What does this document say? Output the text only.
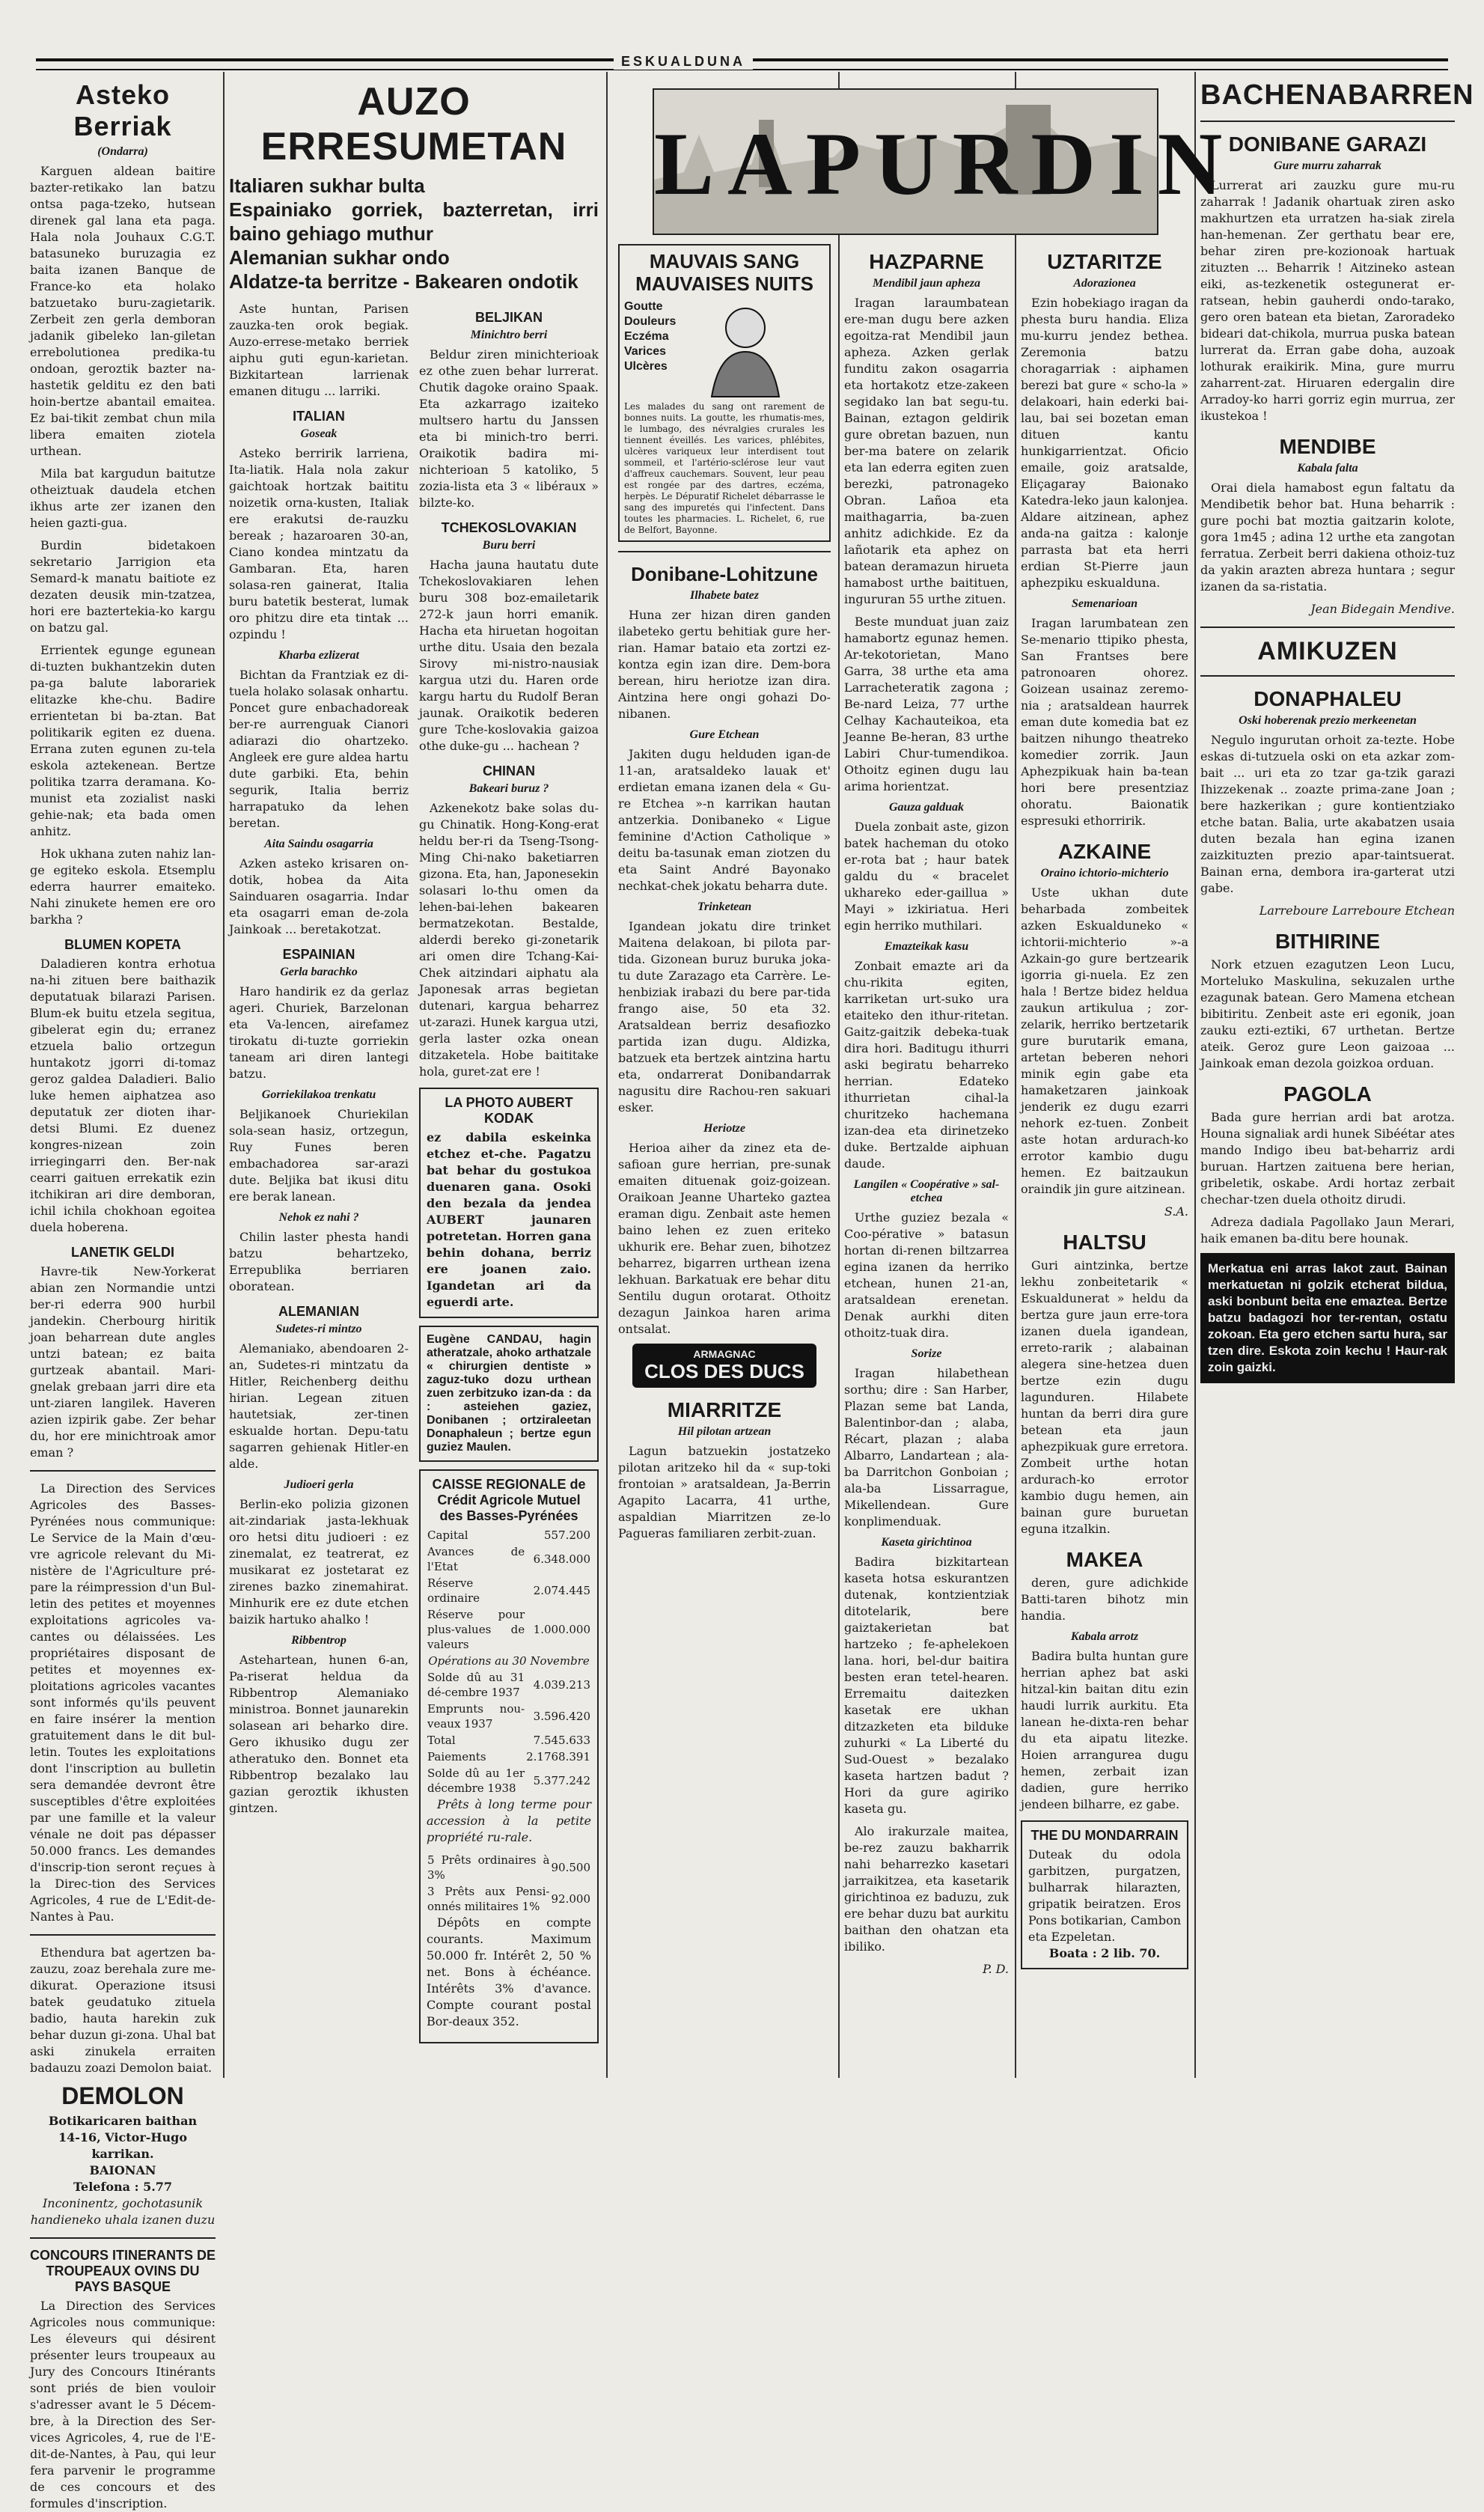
ESKUALDUNA
Asteko Berriak
(Ondarra)

Karguen aldean baitire bazter-retikako lan batzu ontsa paga-tzeko, hutsean direnek gal lana eta paga. Hala nola Jouhaux C.G.T. batasuneko buruzagia ez baita izanen Banque de France-ko eta holako batzuetako buru-zagietarik. Zerbeit zen gerla demboran jadanik gibeleko lan-giletan errebolutionea predika-tu ondoan, geroztik bazter na-hastetik gelditu ez den bati hoin-bertze abantail emaitea. Ez bai-tikit zembat chun mila libera emaiten ziotela urthean.

Mila bat kargudun baitutze otheiztuak daudela etchen ikhus arte zer izanen den heien gazti-gua.

Burdin bidetakoen sekretario Jarrigion eta Semard-k manatu baitiote ez dezaten deusik min-tzatzea, hori ere baztertekia-ko kargu on batzu gal.

Errientek egunge egunean di-tuzten bukhantzekin duten pa-ga balute laborariek elitazke khe-chu. Badire errientetan bi ba-ztan. Bat politikarik egiten ez duena. Errana zuten egunen zu-tela eskola aztekenean. Bertze politika tzarra deramana. Ko-munist eta zozialist naski gehie-nak; eta bada omen anhitz.

Hok ukhana zuten nahiz lan-ge egiteko eskola. Etsemplu ederra haurrer emaiteko. Nahi zinukete hemen ere oro barkha ?

BLUMEN KOPETA

Daladieren kontra erhotua na-hi zituen bere baithazik deputatuak bilarazi Parisen. Blum-ek buitu etzela segitua, gibelerat egin du; erranez etzuela balio ortzegun huntakotz jgorri di-tomaz geroz galdea Daladieri. Balio luke hemen aiphatzea aso deputatuk zer dioten ihar-detsi Blumi. Ez duenez kongres-nizean zoin irriegingarri den. Ber-nak cearri gaituen errekatik ezin itchikiran ari dire demboran, ichil ichila chokhoan egoitea duela hoberena.

LANETIK GELDI

Havre-tik New-Yorkerat abian zen Normandie untzi ber-ri ederra 900 hurbil jandekin. Cherbourg hiritik joan beharrean dute angles untzi batean; ez baita gurtzeak abantail. Mari-gnelak grebaan jarri dire eta unt-ziaren langilek. Haveren azien izpirik gabe. Zer behar du, hor ere minichtroak amor eman ?

La Direction des Services Agricoles des Basses-Pyrénées nous communique: Le Service de la Main d'œu-vre agricole relevant du Mi-nistère de l'Agriculture pré-pare la réimpression d'un Bul-letin des petites et moyennes exploitations agricoles va-cantes ou délaissées. Les propriétaires disposant de petites et moyennes ex-ploitations agricoles vacantes sont informés qu'ils peuvent en faire insérer la mention gratuitement dans le dit bul-letin. Toutes les exploitations dont l'inscription au bulletin sera demandée devront être susceptibles d'être exploitées par une famille et la valeur vénale ne doit pas dépasser 50.000 francs. Les demandes d'inscrip-tion seront reçues à la Direc-tion des Services Agricoles, 4 rue de L'Edit-de-Nantes à Pau.

Ethendura bat agertzen ba-zauzu, zoaz berehala zure me-dikurat. Operazione itsusi batek geudatuko zituela badio, hauta harekin zuk behar duzun gi-zona. Uhal bat aski zinukela erraiten badauzu zoazi Demolon baiat.

DEMOLON
Botikaricaren baithan
14-16, Victor-Hugo karrikan.
BAIONAN
Telefona : 5.77
Inconinentz, gochotasunik handieneko uhala izanen duzu
CONCOURS ITINERANTS DE TROUPEAUX OVINS DU PAYS BASQUE

La Direction des Services Agricoles nous communique: Les éleveurs qui désirent présenter leurs troupeaux au Jury des Concours Itinérants sont priés de bien vouloir s'adresser avant le 5 Décem-bre, à la Direction des Ser-vices Agricoles, 4, rue de l'E-dit-de-Nantes, à Pau, qui leur fera parvenir le programme de ces concours et des formules d'inscription.

AUZO ERRESUMETAN
Italiaren sukhar bulta
Espainiako gorriek, bazterretan, irri baino gehiago muthur
Alemanian sukhar ondo
Aldatze-ta berritze - Bakearen ondotik

Aste huntan, Parisen zauzka-ten orok begiak. Auzo-errese-metako berriek aiphu guti egun-karietan. Bizkitartean larrienak emanen ditugu ... larriki.

ITALIAN
Goseak

Asteko berririk larriena, Ita-liatik. Hala nola zakur gaichtoak hortzak baititu noizetik orna-kusten, Italiak ere erakutsi de-rauzku bereak ; hazaroaren 30-an, Ciano kondea mintzatu da Gambaran. Eta, haren solasa-ren gainerat, Italia buru batetik besterat, lumak oro phitzu dire eta tintak ... ozpindu !

Kharba ezlizerat

Bichtan da Frantziak ez di-tuela holako solasak onhartu. Poncet gure enbachadoreak ber-re aurrenguak Cianori adiarazi dio ohartzeko. Angleek ere gure aldea hartu dute garbiki. Eta, behin segurik, Italia berriz harrapatuko da lehen beretan.

Aita Saindu osagarria

Azken asteko krisaren on-dotik, hobea da Aita Sainduaren osagarria. Indar eta osagarri eman de-zola Jainkoak ... beretakotzat.

ESPAINIAN
Gerla barachko

Haro handirik ez da gerlaz ageri. Churiek, Barzelonan eta Va-lencen, airefamez tirokatu di-tuzte gorriekin taneam ari diren lantegi batzu.

Gorriekilakoa trenkatu

Beljikanoek Churiekilan sola-sean hasiz, ortzegun, Ruy Funes beren embachadorea sar-arazi dute. Beljika bat ikusi ditu ere berak lanean.

Nehok ez nahi ?

Chilin laster phesta handi batzu behartzeko, Errepublika berriaren oboratean.

ALEMANIAN
Sudetes-ri mintzo

Alemaniako, abendoaren 2-an, Sudetes-ri mintzatu da Hitler, Reichenberg deithu hirian. Legean zituen hautetsiak, zer-tinen eskualde hortan. Depu-tatu sagarren gehienak Hitler-en alde.

Judioeri gerla

Berlin-eko polizia gizonen ait-zindariak jasta-lekhuak oro hetsi ditu judioeri : ez zinemalat, ez teatrerat, ez musikarat ez jostetarat ez zirenes bazko zinemahirat. Minhurik ere ez dute etchen baizik hartuko ahalko !

Ribbentrop

Astehartean, hunen 6-an, Pa-riserat heldua da Ribbentrop Alemaniako ministroa. Bonnet jaunarekin solasean ari beharko dire. Gero ikhusiko dugu zer atheratuko den. Bonnet eta Ribbentrop bezalako lau gazian geroztik ikhusten gintzen.

BELJIKAN
Minichtro berri

Beldur ziren minichterioak ez othe zuen behar lurrerat. Chutik dagoke oraino Spaak. Eta azkarrago izaiteko multsero hartu du Janssen eta bi minich-tro berri. Oraikotik badira mi-nichterioan 5 katoliko, 5 zozia-lista eta 3 « libéraux » bilzte-ko.

TCHEKOSLOVAKIAN
Buru berri

Hacha jauna hautatu dute Tchekoslovakiaren lehen buru 308 boz-emailetarik 272-k jaun horri emanik. Hacha eta hiruetan hogoitan urthe ditu. Usaia den bezala Sirovy mi-nistro-nausiak kargua utzi du. Haren orde kargu hartu du Rudolf Beran jaunak. Oraikotik bederen gure Tche-koslovakia gaizoa othe duke-gu ... hachean ?

CHINAN
Bakeari buruz ?

Azkenekotz bake solas du-gu Chinatik. Hong-Kong-erat heldu ber-ri da Tseng-Tsong-Ming Chi-nako baketiarren gizona. Eta, han, Japonesekin solasari lo-thu omen da lehen-bai-lehen bakearen bermatzekotan. Bestalde, alderdi bereko gi-zonetarik ari omen dire Tchang-Kai-Chek aitzindari aiphatu ala Japonesak arras begietan dutenari, kargua beharrez ut-zarazi. Hunek kargua utzi, gerla laster ozka onean ditzaketela. Hobe baititake hola, guret-zat ere !

LA PHOTO AUBERT KODAK
ez dabila eskeinka etchez et-che. Pagatzu bat behar du gostukoa duenaren gana. Osoki den bezala da jendea AUBERT jaunaren potretetan. Horren gana behin dohana, berriz ere joanen zaio. Igandetan ari da eguerdi arte.
Eugène CANDAU, hagin atheratzale, ahoko arthatzale « chirurgien dentiste » zaguz-tuko dozu urthean zuen zerbitzuko izan-da : da : asteiehen gaziez, Donibanen ; ortziraleetan Donaphaleun ; bertze egun guziez Maulen.
CAISSE REGIONALE de Crédit Agricole Mutuel des Basses-Pyrénées
Capital	557.200
Avances de l'Etat	6.348.000
Réserve ordinaire	2.074.445
Réserve pour plus-values de valeurs	1.000.000
Opérations au 30 Novembre	
Solde dû au 31 dé-cembre 1937	4.039.213
Emprunts nou-veaux 1937	3.596.420
Total	7.545.633
Paiements	2.1768.391
Solde dû au 1er décembre 1938	5.377.242

Prêts à long terme pour accession à la petite propriété ru-rale.

5 Prêts ordinaires à 3%	90.500
3 Prêts aux Pensi-onnés militaires 1%	92.000

Dépôts en compte courants. Maximum 50.000 fr. Intérêt 2, 50 % net. Bons à échéance. Intérêts 3% d'avance. Compte courant postal Bor-deaux 352.

LAPURDIN
MAUVAIS SANG
MAUVAISES NUITS
Goutte
Douleurs
Eczéma
Varices
Ulcères
Les malades du sang ont rarement de bonnes nuits. La goutte, les rhumatis-mes, le lumbago, des névralgies crurales les tiennent éveillés. Les varices, phlébites, ulcères variqueux leur interdisent tout sommeil, et l'artério-sclérose leur vaut d'affreux cauchemars. Souvent, leur peau est rongée par des dartres, eczéma, herpès. Le Dépuratif Richelet débarrasse le sang des impuretés qui l'infectent. Dans toutes les pharmacies. L. Richelet, 6, rue de Belfort, Bayonne.
Donibane-Lohitzune
Ilhabete batez

Huna zer hizan diren ganden ilabeteko gertu behitiak gure her-rian. Hamar bataio eta zortzi ez-kontza egin izan dire. Dem-bora berean, hiru heriotze izan dira. Aintzina here ongi gohazi Do-nibanen.

Gure Etchean

Jakiten dugu helduden igan-de 11-an, aratsaldeko lauak et' erdietan emana izanen dela « Gu-re Etchea »-n karrikan hautan antzerkia. Donibaneko « Ligue feminine d'Action Catholique » deitu ba-tasunak eman ziotzen du eta Saint André Bayonako nechkat-chek jokatu beharra dute.

Trinketean

Igandean jokatu dire trinket Maitena delakoan, bi pilota par-tida. Gizonean buruz buruka joka-tu dute Zarazago eta Carrère. Le-henbiziak irabazi du bere par-tida frango aise, 50 eta 32. Aratsaldean berriz desafiozko partida izan dugu. Aldizka, batzuek eta bertzek aintzina hartu eta, ondarrerat Donibandarrak nagusitu dire Rachou-ren sakuari esker.

Heriotze

Herioa aiher da zinez eta de-safioan gure herrian, pre-sunak emaiten dituenak goiz-goizean. Oraikoan Jeanne Uharteko gaztea eraman digu. Zenbait aste hemen baino lehen ez zuen eriteko ukhurik ere. Behar zuen, bihotzez beharrez, bigarren urthean izena lekhuan. Barkatuak ere behar ditu Sentilu dugun orotarat. Othoitz dezagun Jainkoa haren arima ontsalat.

ARMAGNAC
CLOS DES DUCS
MIARRITZE
Hil pilotan artzean

Lagun batzuekin jostatzeko pilotan aritzeko hil da « sup-toki frontoian » aratsaldean, Ja-Berrin Agapito Lacarra, 41 urthe, aspaldian Miarritzen ze-lo Pagueras familiaren zerbit-zuan.

HAZPARNE
Mendibil jaun apheza

Iragan laraumbatean ere-man dugu bere azken egoitza-rat Mendibil jaun apheza. Azken gerlak funditu zakon osagarria eta hortakotz etze-zakeen segidako lan bat segu-tu. Bainan, eztagon geldirik gure obretan bazuen, nun ber-ma batere on zelarik eta lan ederra egiten zuen berezki, patronageko Obran. Lañoa eta maithagarria, ba-zuen anhitz adichkide. Ez da lañotarik eta aphez on batean deramazun hirueta hamabost urthe baitituen, ingururan 55 urthe zituen.

Beste munduat juan zaiz hamabortz egunaz hemen. Ar-tekotorietan, Mano Garra, 38 urthe eta ama Larracheteratik zagona ; Be-nard Leiza, 77 urthe Celhay Kachauteikoa, eta Jeanne Be-heran, 83 urthe Labiri Chur-tumendikoa. Othoitz eginen dugu lau arima horientzat.

Gauza galduak

Duela zonbait aste, gizon batek hacheman du otoko er-rota bat ; haur batek galdu du « bracelet ukhareko eder-gaillua » Mayi » izkiriatua. Heri egin herriko muthilari.

Emazteikak kasu

Zonbait emazte ari da chu-rikita egiten, karriketan urt-suko ura etaiteko den ithur-ritetan. Gaitz-gaitzik debeka-tuak dira hori. Baditugu ithurri aski begiratu beharreko herrian. Edateko ithurrietan cihal-la churitzeko hachemana izan-dea eta dirinetzeko duke. Bertzalde aiphuan daude.

Langilen « Coopérative » sal-etchea

Urthe guziez bezala « Coo-pérative » batasun hortan di-renen biltzarrea egina izanen da herriko etchean, hunen 21-an, aratsaldean erenetan. Denak aurkhi diten othoitz-tuak dira.

Sorize

Iragan hilabethean sorthu; dire : San Harber, Plazan seme bat Landa, Balentinbor-dan ; alaba, Récart, plazan ; alaba Albarro, Landartean ; ala-ba Darritchon Gonboian ; ala-ba Lissarrague, Mikellendean. Gure konplimenduak.

Kaseta girichtinoa

Badira bizkitartean kaseta hotsa eskurantzen dutenak, kontzientziak ditotelarik, bere gaiztakerietan bat hartzeko ; fe-aphelekoen lana. hori, bel-dur baitira besten eran tetel-hearen. Erremaitu daitezken kasetak ere ukhan ditzazketen eta bilduke zuhurki « La Liberté du Sud-Ouest » bezalako kaseta hartzen badut ? Hori da gure agiriko kaseta gu.

Alo irakurzale maitea, be-rez zauzu bakharrik nahi beharrezko kasetari jarraikitzea, eta kasetarik girichtinoa ez baduzu, zuk ere behar duzu bat aurkitu baithan den ohatzan eta ibiliko.

P. D.
UZTARITZE
Adorazionea

Ezin hobekiago iragan da phesta buru handia. Eliza mu-kurru jendez bethea. Zeremonia batzu choragarriak : aiphamen berezi bat gure « scho-la » delakoari, hain ederki bai-lau, bai sei bozetan eman dituen kantu hunkigarrientzat. Oficio emaile, goiz aratsalde, Eliçagaray Baionako Katedra-leko jaun kalonjea. Aldare aitzinean, aphez anda-na gaitza : kalonje parrasta bat eta herri erdian St-Pierre jaun aphezpiku eskualduna.

Semenarioan

Iragan larumbatean zen Se-menario ttipiko phesta, San Frantses bere patronoaren ohorez. Goizean usainaz zeremo-nia ; aratsaldean haurrek eman dute komedia bat ez baitzen nihungo theatreko komedier zorrik. Jaun Aphezpikuak hain ba-tean hori bere presentziaz ohoratu. Baionatik espresuki ethorririk.

AZKAINE
Oraino ichtorio-michterio

Uste ukhan dute beharbada zombeitek azken Eskualduneko « ichtorii-michterio »-a Azkain-go gure bertzearik igorria gi-nuela. Ez zen hala ! Bertze bidez heldua zaukun artikulua ; zor-zelarik, herriko bertzetarik gure burutarik emana, artetan beberen nehori minik egin gabe eta hamaketzaren jainkoak jenderik ez dugu ezarri nehork ez-tuen. Zonbeit aste hotan ardurach-ko errotor kambio dugu hemen. Ez baitzaukun oraindik jin gure aitzinean.

S.A.
HALTSU

Guri aintzinka, bertze lekhu zonbeitetarik « Eskualdunerat » heldu da bertza gure jaun erre-tora izanen duela igandean, erreto-rarik ; alabainan alegera sine-hetzea duen bertze ezin dugu lagunduren. Hilabete huntan da berri dira gure betean eta jaun aphezpikuak gure erretora. Zombeit urthe hotan ardurach-ko errotor kambio dugu hemen, ain bainan gure buruetan eguna itzalkin.

MAKEA

deren, gure adichkide Batti-taren bihotz min handia.

Kabala arrotz

Badira bulta huntan gure herrian aphez bat aski hitzal-kin baitan ditu ezin haudi lurrik aurkitu. Eta lanean he-dixta-ren behar du eta aipatu litezke. Hoien arrangurea dugu hemen, zerbait izan dadien, gure herriko jendeen bilharre, ez gabe.

THE DU MONDARRAIN
Duteak du odola garbitzen, purgatzen, bulharrak hilarazten, gripatik beiratzen. Eros Pons botikarian, Cambon eta Ezpeletan.
Boata : 2 lib. 70.
BACHENABARREN
DONIBANE GARAZI
Gure murru zaharrak

Lurrerat ari zauzku gure mu-ru zaharrak ! Jadanik ohartuak ziren asko makhurtzen eta urratzen ha-siak zirela han-hemenan. Zer gerthatu bear ere, behar ziren pre-kozionoak hartuak zituzten ... Beharrik ! Aitzineko astean eiki, as-tezkenetik ostegunerat er-ratsean, hebin gauherdi ondo-tarako, gero oren batean eta bietan, Zaroradeko bideari dat-chikola, murrua puska batean lurrerat da. Erran gabe doha, auzoak lothurak eraikirik. Mina, gure murru zaharrent-zat. Hiruaren edergalin dire Arradoy-ko harri gorriz egin murrua, zer ikustekoa !

MENDIBE
Kabala falta

Orai diela hamabost egun faltatu da Mendibetik behor bat. Huna beharrik : gure pochi bat moztia gaitzarin kolote, gora 1m45 ; adina 12 urthe eta zangotan ferratua. Zerbeit berri dakiena othoiz-tuz da yakin arazten abreza huntara ; segur izanen da sa-ristatia.

Jean Bidegain Mendive.
AMIKUZEN
DONAPHALEU
Oski hoberenak prezio merkeenetan

Negulo ingurutan orhoit za-tezte. Hobe eskas di-tutzuela oski on eta azkar zom-bait ... uri eta zo tzar ga-tzik garazi Ihizzekenak .. zoazte prima-zane Joan ; bere hazkerikan ; gure kontientziako etche batan. Balia, urte akabatzen usaia duten bezala han egina izanen zaizkituzten prezio apar-taintsuerat. Bainan erna, dembora ira-garterat utzi gabe.

Larreboure Larreboure Etchean
BITHIRINE

Nork etzuen ezagutzen Leon Lucu, Morteluko Maskulina, sekuzalen urthe ezagunak batean. Gero Mamena etchean bibitiritu. Zenbeit aste eri egonik, joan zauku ezti-eztiki, 67 urthetan. Bertze ateik. Geroz gure Leon gaizoaa ... Jainkoak eman dezola goizkoa orduan.

PAGOLA

Bada gure herrian ardi bat arotza. Houna signaliak ardi hunek Sibéétar ates mando Indigo ibeu bat-beharriz ardi buruan. Hartzen zaituena bere herian, gribeletik, oskabe. Ardi hortaz zerbait chechar-tzen duela othoitz dirudi.

Adreza dadiala Pagollako Jaun Merari, haik emanen ba-ditu bere hounak.

Merkatua eni arras lakot zaut. Bainan merkatuetan ni golzik etcherat bildua, aski bonbunt beita ene emaztea. Bertze batzu badagozi hor ter-rentan, ostatu zokoan. Eta gero etchen sartu hura, sar tzen dire. Eskota zoin kechu ! Haur-rak zoin gaizki.
